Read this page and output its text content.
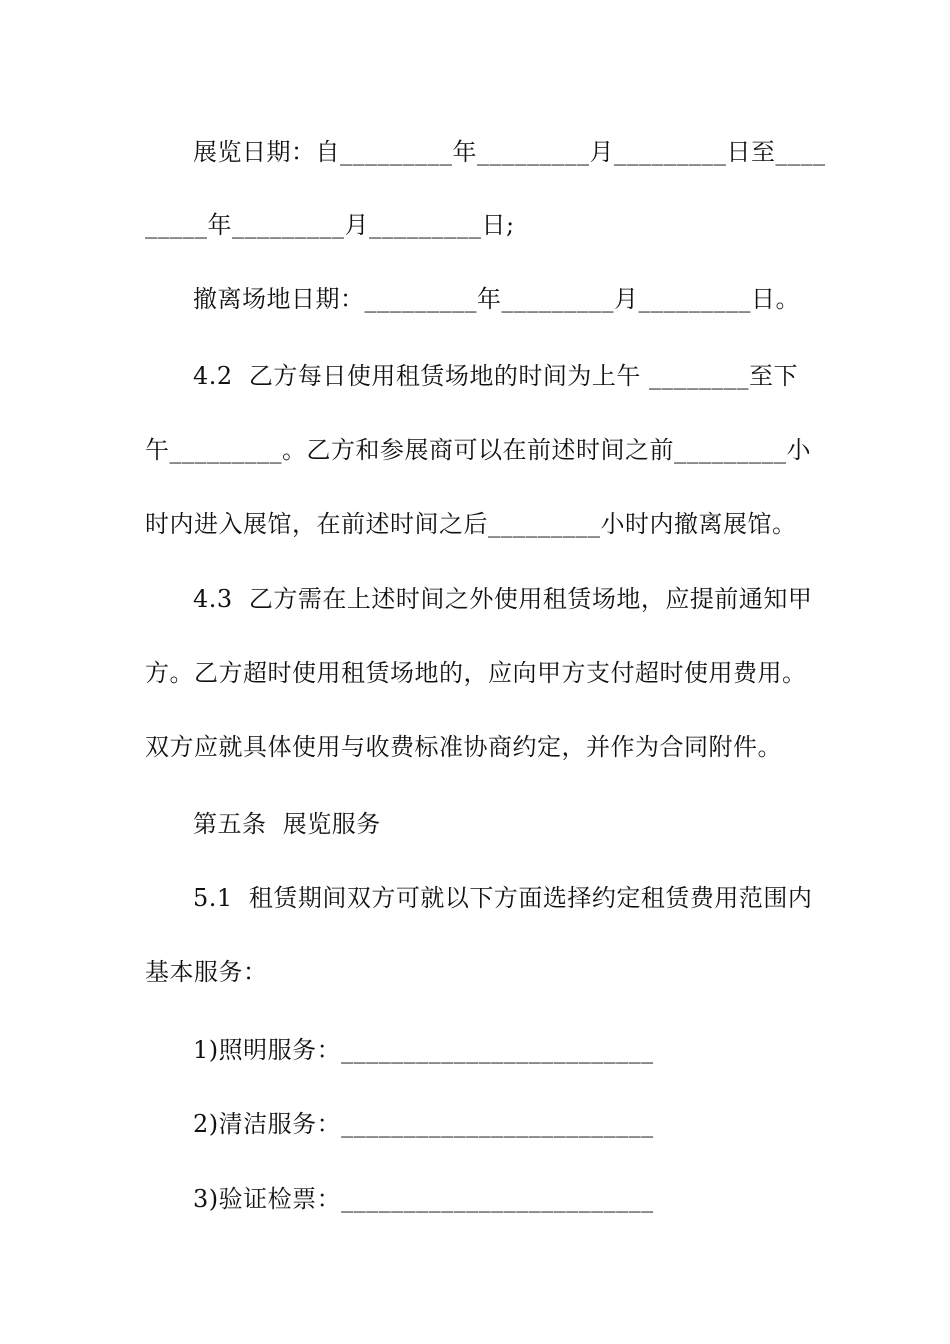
展览日期：自_________年_________月_________日至____
_____年_________月_________日;
撤离场地日期：_________年_________月_________日。
4.2  乙方每日使用租赁场地的时间为上午 ________至下
午_________。乙方和参展商可以在前述时间之前_________小
时内进入展馆，在前述时间之后_________小时内撤离展馆。
4.3  乙方需在上述时间之外使用租赁场地，应提前通知甲
方。乙方超时使用租赁场地的，应向甲方支付超时使用费用。
双方应就具体使用与收费标准协商约定，并作为合同附件。
第五条  展览服务
5.1  租赁期间双方可就以下方面选择约定租赁费用范围内
基本服务：
1)照明服务：_________________________
2)清洁服务：_________________________
3)验证检票：_________________________
